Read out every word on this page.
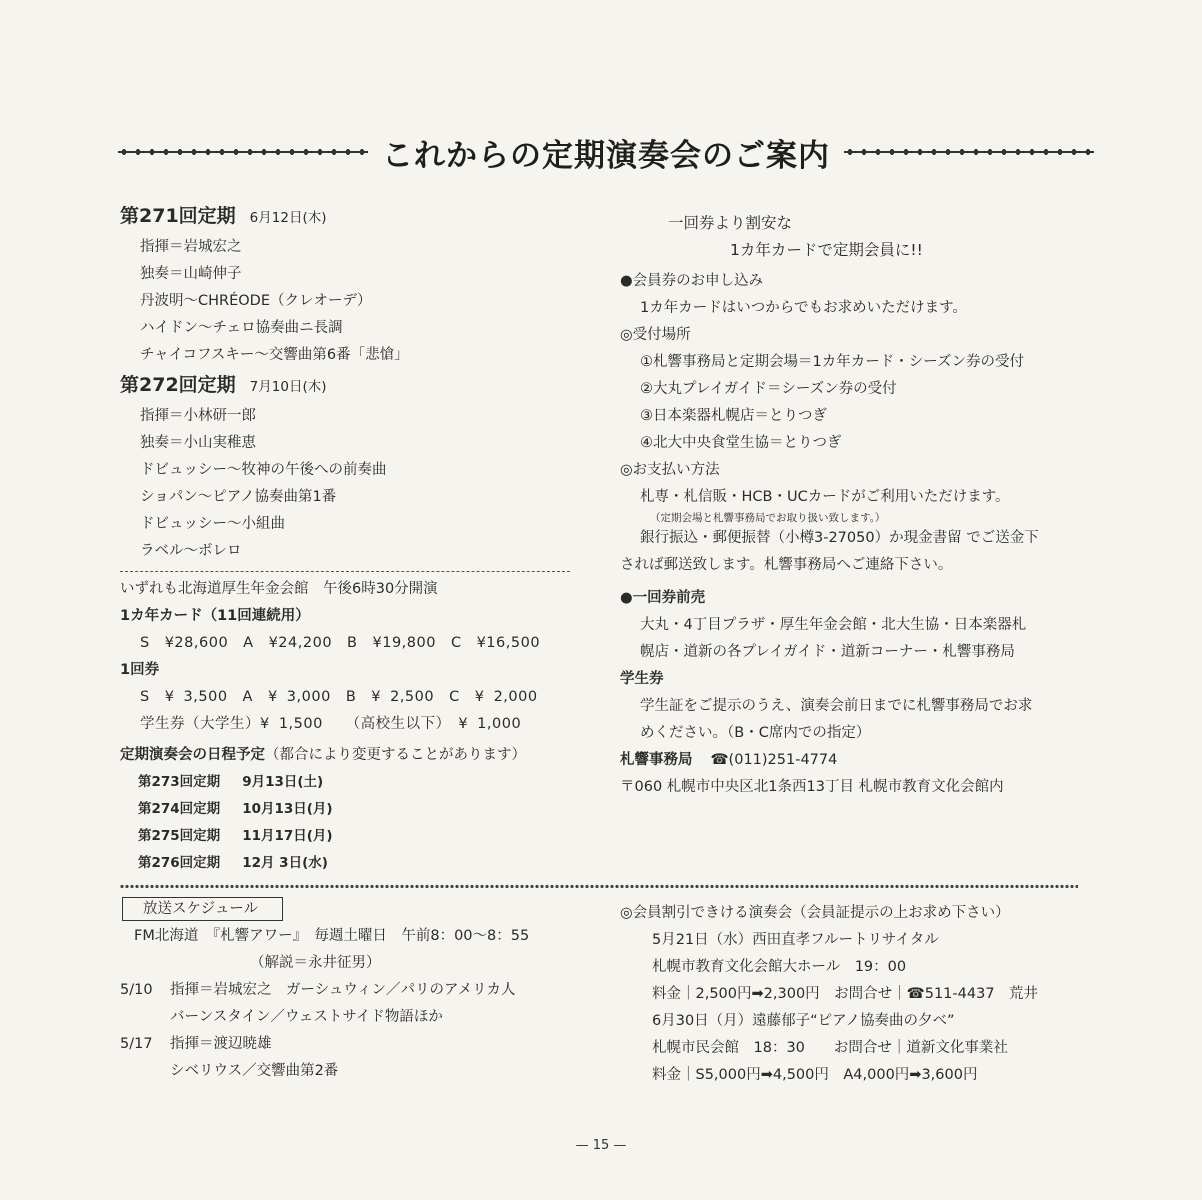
これからの定期演奏会のご案内
第271回定期 6月12日(木)
指揮＝岩城宏之
独奏＝山崎伸子
丹波明～CHRÉODE（クレオーデ）
ハイドン～チェロ協奏曲ニ長調
チャイコフスキー～交響曲第6番「悲愴」
第272回定期 7月10日(木)
指揮＝小林研一郎
独奏＝小山実稚恵
ドビュッシー～牧神の午後への前奏曲
ショパン～ピアノ協奏曲第1番
ドビュッシー～小組曲
ラベル～ボレロ
いずれも北海道厚生年金会館　午後6時30分開演
1カ年カード（11回連続用）
S　¥28,600　A　¥24,200　B　¥19,800　C　¥16,500
1回券
S　¥ 3,500　A　¥ 3,000　B　¥ 2,500　C　¥ 2,000
学生券（大学生）¥ 1,500　　（高校生以下）　¥ 1,000
定期演奏会の日程予定（都合により変更することがあります）
第273回定期 9月13日(土)
第274回定期 10月13日(月)
第275回定期 11月17日(月)
第276回定期 12月 3日(水)
一回券より割安な
1カ年カードで定期会員に!!
●会員券のお申し込み
1カ年カードはいつからでもお求めいただけます。
◎受付場所
①札響事務局と定期会場＝1カ年カード・シーズン券の受付
②大丸プレイガイド＝シーズン券の受付
③日本楽器札幌店＝とりつぎ
④北大中央食堂生協＝とりつぎ
◎お支払い方法
札専・札信販・HCB・UCカードがご利用いただけます。
（定期会場と札響事務局でお取り扱い致します。）
銀行振込・郵便振替（小樽3-27050）か現金書留 でご送金下
されば郵送致します。札響事務局へご連絡下さい。
●一回券前売
大丸・4丁目プラザ・厚生年金会館・北大生協・日本楽器札
幌店・道新の各プレイガイド・道新コーナー・札響事務局
学生券
学生証をご提示のうえ、演奏会前日までに札響事務局でお求
めください。（B・C席内での指定）
札響事務局 ☎(011)251-4774
〒060 札幌市中央区北1条西13丁目 札幌市教育文化会館内
放送スケジュール
FM北海道　『札響アワー』　毎週土曜日　午前8：00～8：55
（解説＝永井征男）
5/10	指揮＝岩城宏之　ガーシュウィン／パリのアメリカ人
バーンスタイン／ウェストサイド物語ほか
5/17	指揮＝渡辺暁雄
シベリウス／交響曲第2番
◎会員割引できける演奏会（会員証提示の上お求め下さい）
5月21日（水）西田直孝フルートリサイタル
札幌市教育文化会館大ホール　19：00
料金｜2,500円➡2,300円　お問合せ｜☎511-4437　荒井
6月30日（月）遠藤郁子“ピアノ協奏曲の夕べ”
札幌市民会館　18：30　　お問合せ｜道新文化事業社
料金｜S5,000円➡4,500円　A4,000円➡3,600円
— 15 —
